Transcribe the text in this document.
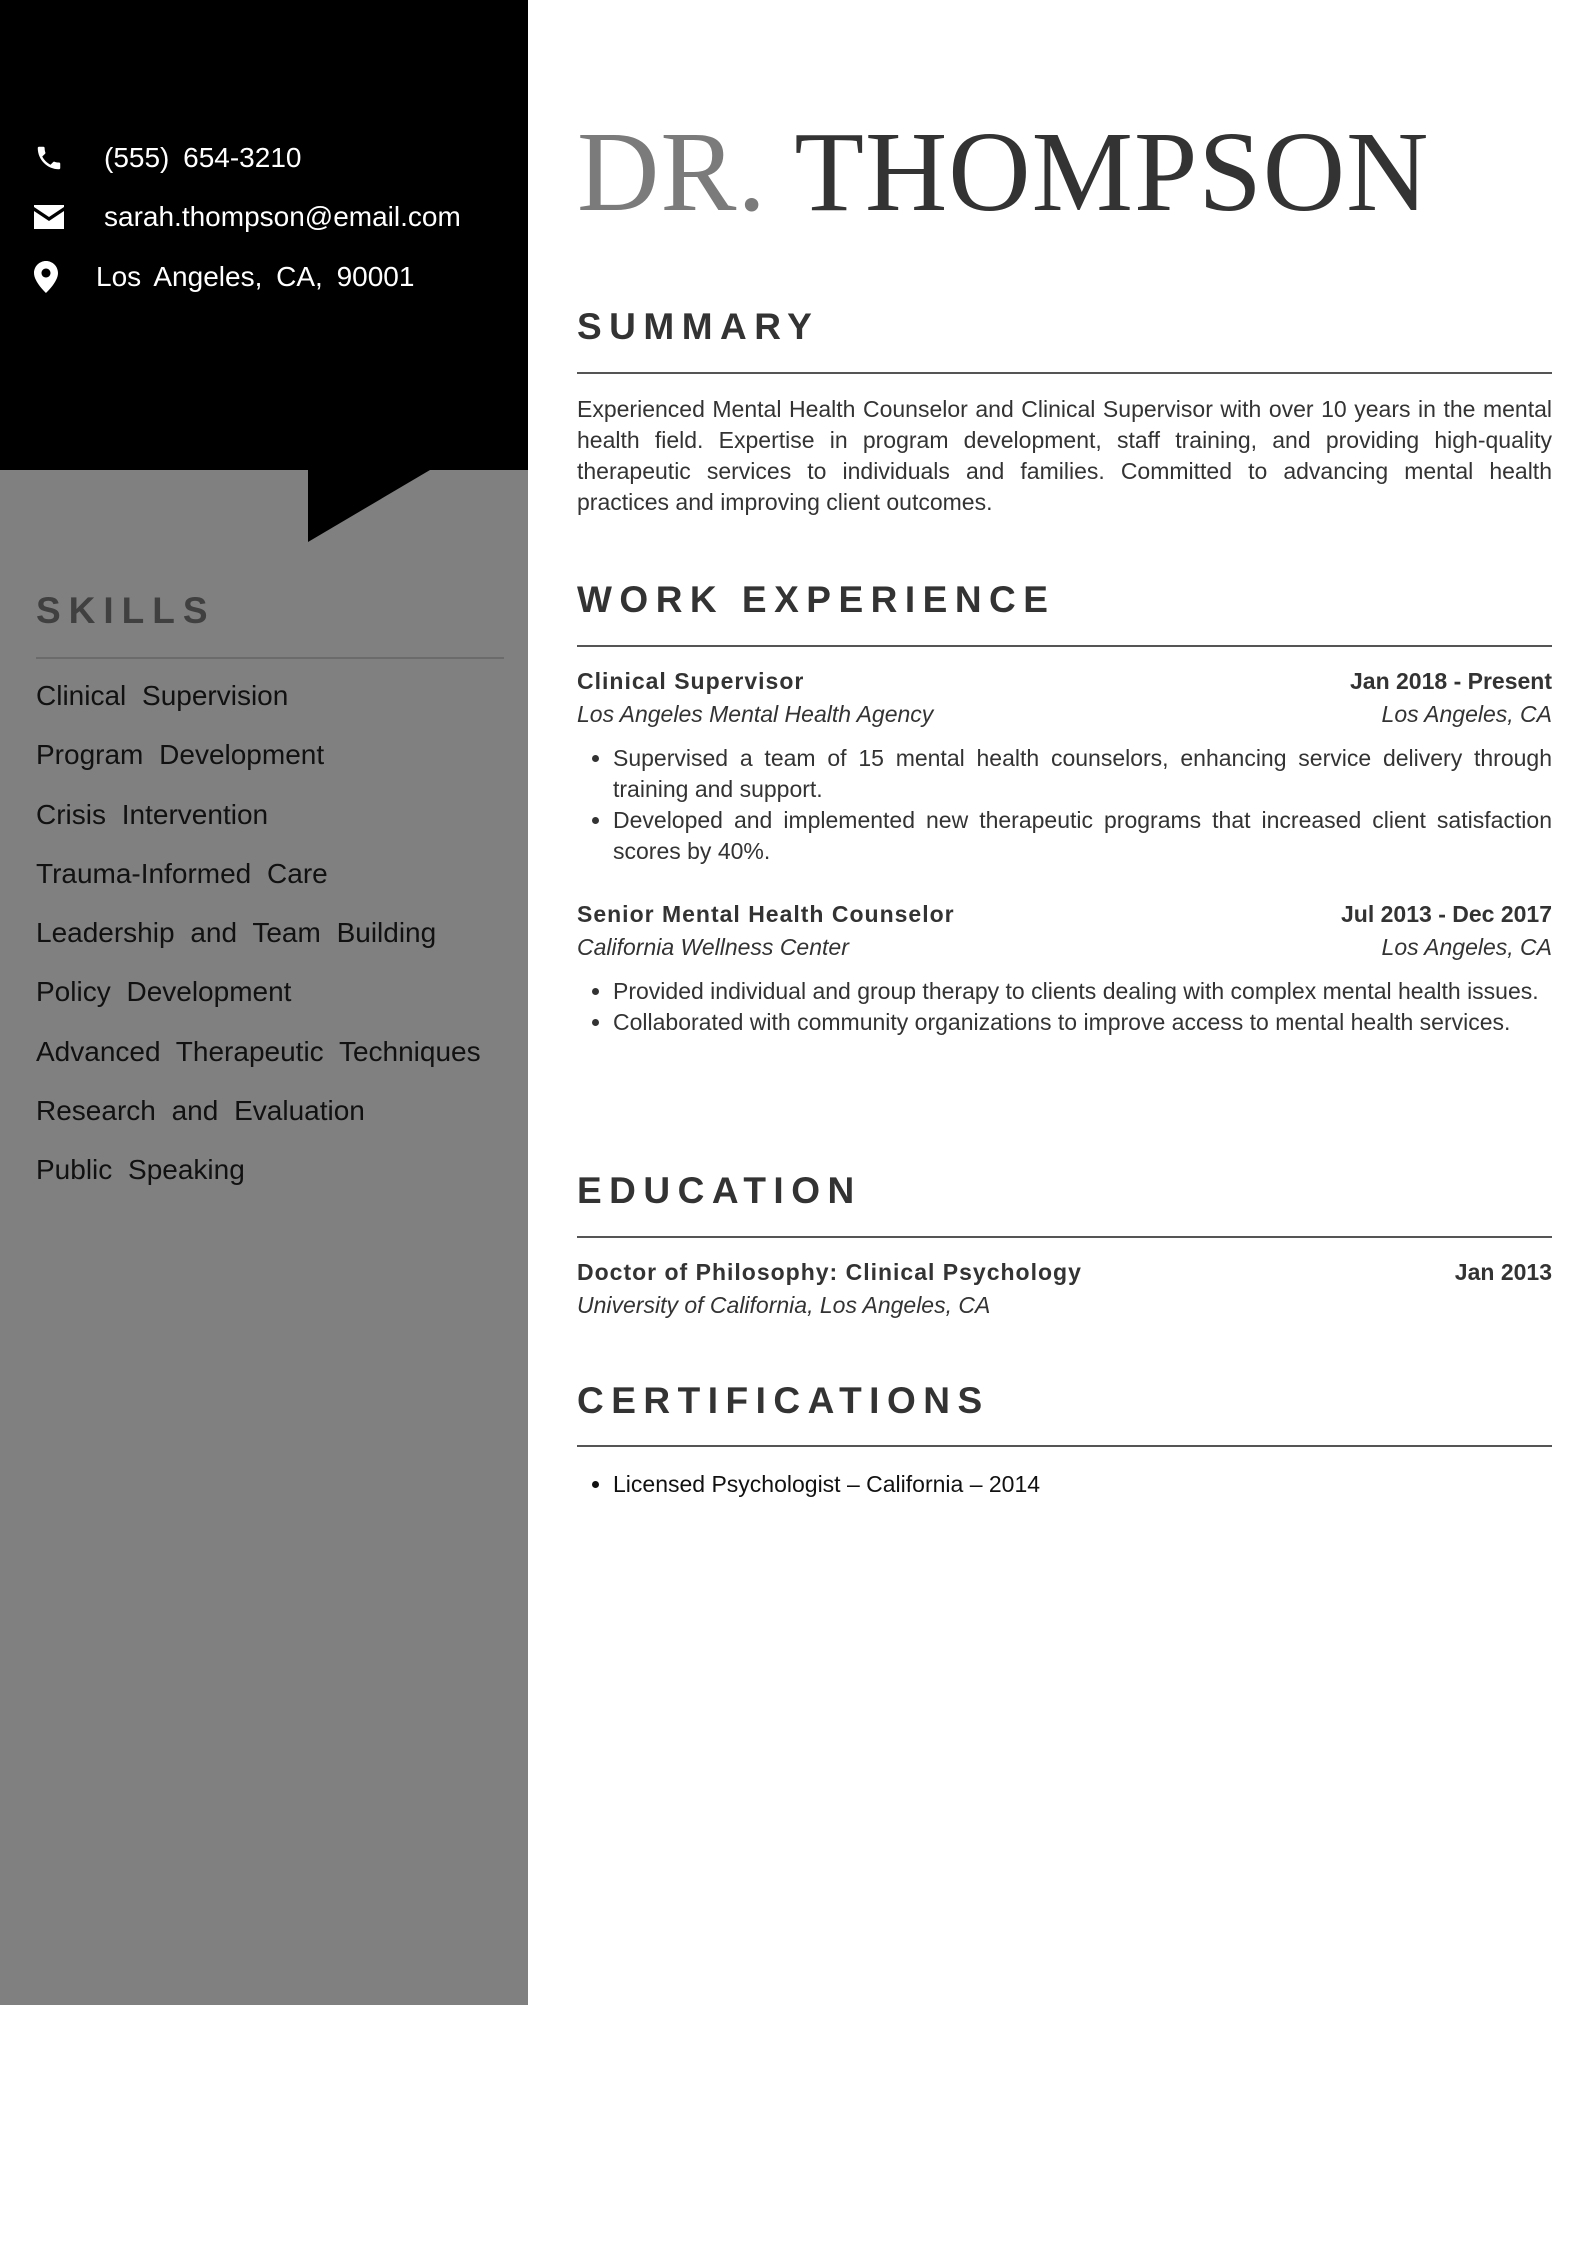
(555) 654-3210
sarah.thompson@email.com
Los Angeles, CA, 90001
SKILLS
Clinical Supervision
Program Development
Crisis Intervention
Trauma-Informed Care
Leadership and Team Building
Policy Development
Advanced Therapeutic Techniques
Research and Evaluation
Public Speaking
DR. THOMPSON
SUMMARY

Experienced Mental Health Counselor and Clinical Supervisor with over 10 years in the mental health field. Expertise in program development, staff training, and providing high-quality therapeutic services to individuals and families. Committed to advancing mental health practices and improving client outcomes.

WORK EXPERIENCE
Clinical Supervisor	Jan 2018 - Present
Los Angeles Mental Health Agency	Los Angeles, CA
• Supervised a team of 15 mental health counselors, enhancing service delivery through training and support.
• Developed and implemented new therapeutic programs that increased client satisfaction scores by 40%.
Senior Mental Health Counselor	Jul 2013 - Dec 2017
California Wellness Center	Los Angeles, CA
• Provided individual and group therapy to clients dealing with complex mental health issues.
• Collaborated with community organizations to improve access to mental health services.
EDUCATION
Doctor of Philosophy: Clinical Psychology	Jan 2013
University of California, Los Angeles, CA
CERTIFICATIONS
• Licensed Psychologist – California – 2014
